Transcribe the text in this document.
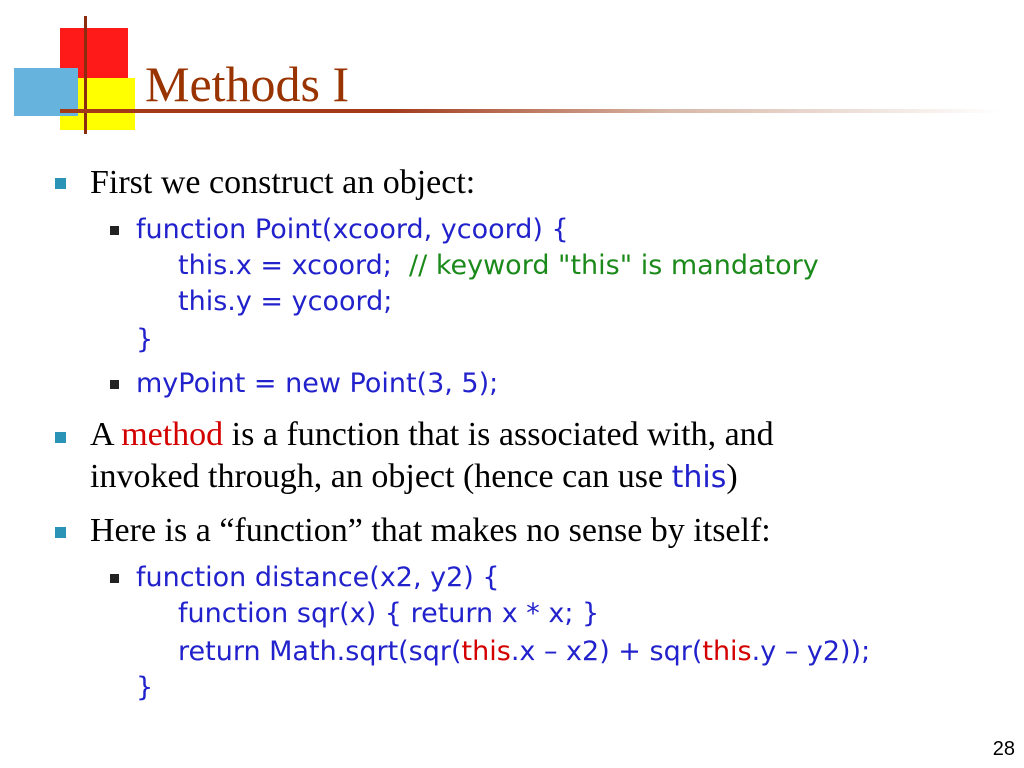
Methods I
First we construct an object:
function Point(xcoord, ycoord) {
this.x = xcoord; // keyword "this" is mandatory
this.y = ycoord;
}
myPoint = new Point(3, 5);
A method is a function that is associated with, and
invoked through, an object (hence can use this)
Here is a “function” that makes no sense by itself:
function distance(x2, y2) {
function sqr(x) { return x * x; }
return Math.sqrt(sqr(this.x – x2) + sqr(this.y – y2));
}
28
